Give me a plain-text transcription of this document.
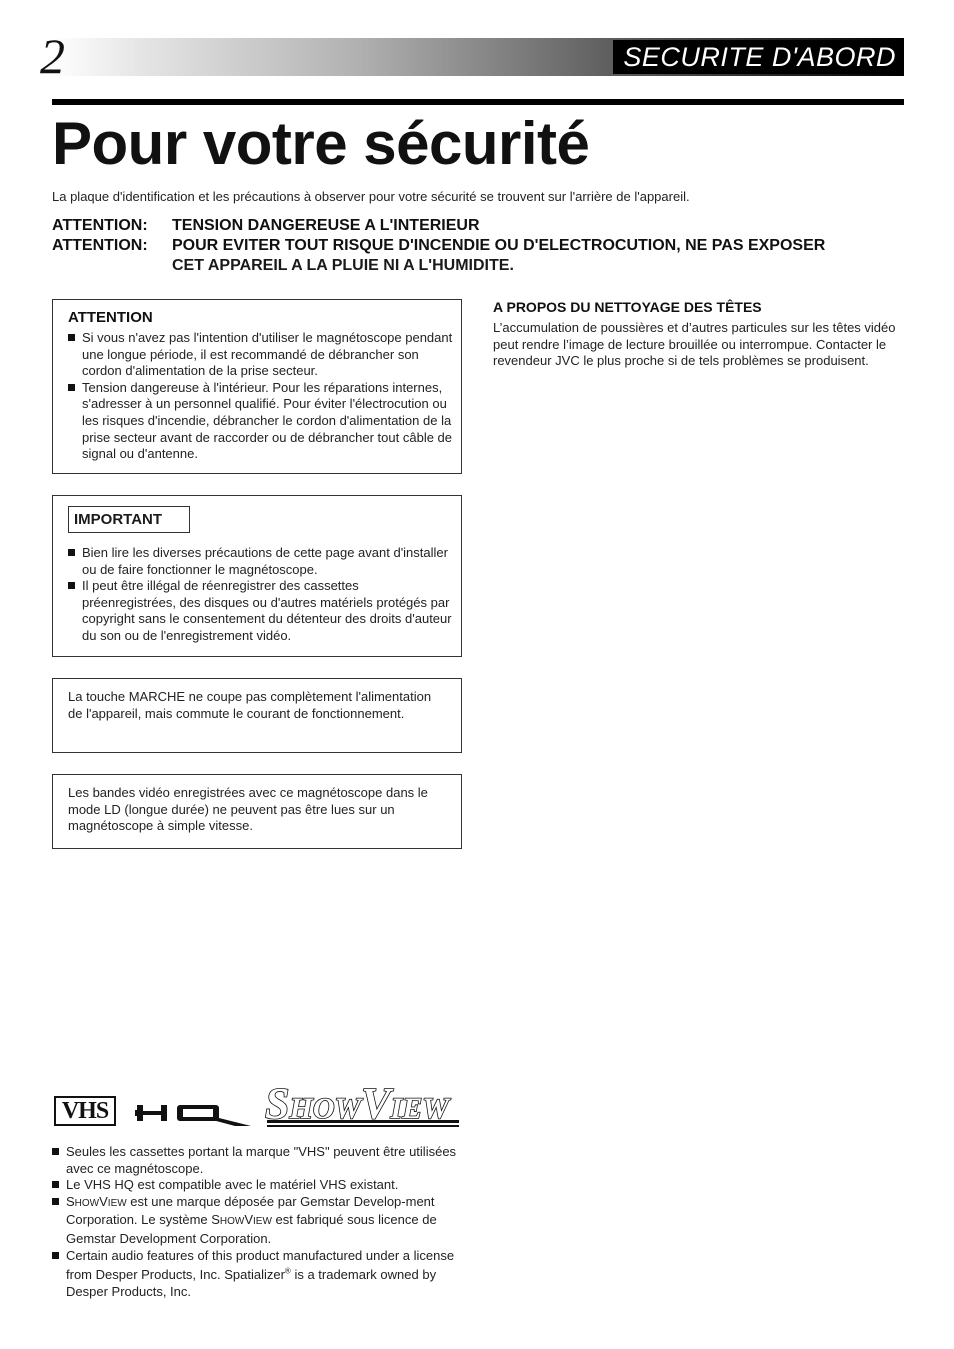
2	SECURITE D'ABORD
Pour votre sécurité
La plaque d'identification et les précautions à observer pour votre sécurité se trouvent sur l'arrière de l'appareil.
ATTENTION: TENSION DANGEREUSE A L'INTERIEUR
ATTENTION: POUR EVITER TOUT RISQUE D'INCENDIE OU D'ELECTROCUTION, NE PAS EXPOSER
CET APPAREIL A LA PLUIE NI A L'HUMIDITE.
ATTENTION
Si vous n'avez pas l'intention d'utiliser le magnétoscope pendant une longue période, il est recommandé de débrancher son cordon d'alimentation de la prise secteur.
Tension dangereuse à l'intérieur. Pour les réparations internes, s'adresser à un personnel qualifié. Pour éviter l'électrocution ou les risques d'incendie, débrancher le cordon d'alimentation de la prise secteur avant de raccorder ou de débrancher tout câble de signal ou d'antenne.
IMPORTANT
Bien lire les diverses précautions de cette page avant d'installer ou de faire fonctionner le magnétoscope.
Il peut être illégal de réenregistrer des cassettes préenregistrées, des disques ou d'autres matériels protégés par copyright sans le consentement du détenteur des droits d'auteur du son ou de l'enregistrement vidéo.
La touche MARCHE ne coupe pas complètement l'alimentation de l'appareil, mais commute le courant de fonctionnement.
Les bandes vidéo enregistrées avec ce magnétoscope dans le mode LD (longue durée) ne peuvent pas être lues sur un magnétoscope à simple vitesse.
A PROPOS DU NETTOYAGE DES TÊTES
L’accumulation de poussières et d’autres particules sur les têtes vidéo peut rendre l’image de lecture brouillée ou interrompue. Contacter le revendeur JVC le plus proche si de tels problèmes se produisent.
VHS	HQ	SHOWVIEW
Seules les cassettes portant la marque "VHS" peuvent être utilisées avec ce magnétoscope.
Le VHS HQ est compatible avec le matériel VHS existant.
SHOWVIEW est une marque déposée par Gemstar Develop-ment Corporation. Le système SHOWVIEW est fabriqué sous licence de Gemstar Development Corporation.
Certain audio features of this product manufactured under a license from Desper Products, Inc. Spatializer® is a trademark owned by Desper Products, Inc.
